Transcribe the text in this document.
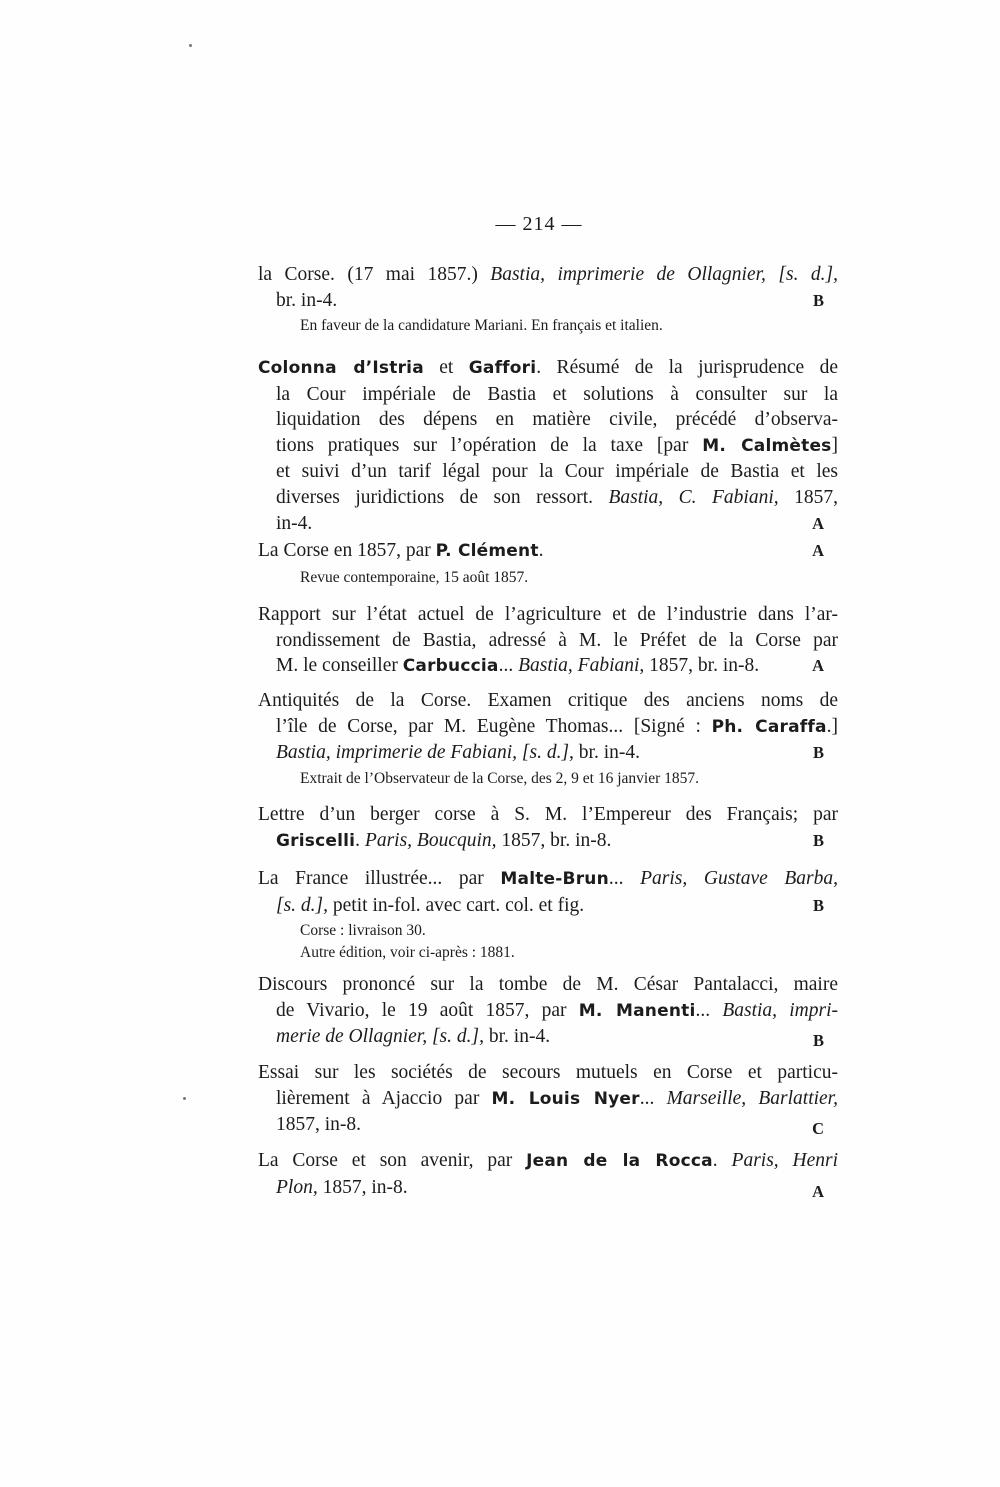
— 214 —
la Corse. (17 mai 1857.) Bastia, imprimerie de Ollagnier, [s. d.],
br. in-4.	B
En faveur de la candidature Mariani. En français et italien.
Colonna d’Istria et Gaffori. Résumé de la jurisprudence de
la Cour impériale de Bastia et solutions à consulter sur la
liquidation des dépens en matière civile, précédé d’observa-
tions pratiques sur l’opération de la taxe [par M. Calmètes]
et suivi d’un tarif légal pour la Cour impériale de Bastia et les
diverses juridictions de son ressort. Bastia, C. Fabiani, 1857,
in-4.	A
La Corse en 1857, par P. Clément.	A
Revue contemporaine, 15 août 1857.
Rapport sur l’état actuel de l’agriculture et de l’industrie dans l’ar-
rondissement de Bastia, adressé à M. le Préfet de la Corse par
M. le conseiller Carbuccia... Bastia, Fabiani, 1857, br. in-8.	A
Antiquités de la Corse. Examen critique des anciens noms de
l’île de Corse, par M. Eugène Thomas... [Signé : Ph. Caraffa.]
Bastia, imprimerie de Fabiani, [s. d.], br. in-4.	B
Extrait de l’Observateur de la Corse, des 2, 9 et 16 janvier 1857.
Lettre d’un berger corse à S. M. l’Empereur des Français; par
Griscelli. Paris, Boucquin, 1857, br. in-8.	B
La France illustrée... par Malte-Brun... Paris, Gustave Barba,
[s. d.], petit in-fol. avec cart. col. et fig.	B
Corse : livraison 30.
Autre édition, voir ci-après : 1881.
Discours prononcé sur la tombe de M. César Pantalacci, maire
de Vivario, le 19 août 1857, par M. Manenti... Bastia, impri-
merie de Ollagnier, [s. d.], br. in-4.	B
Essai sur les sociétés de secours mutuels en Corse et particu-
lièrement à Ajaccio par M. Louis Nyer... Marseille, Barlattier,
1857, in-8.	C
La Corse et son avenir, par Jean de la Rocca. Paris, Henri
Plon, 1857, in-8.	A
